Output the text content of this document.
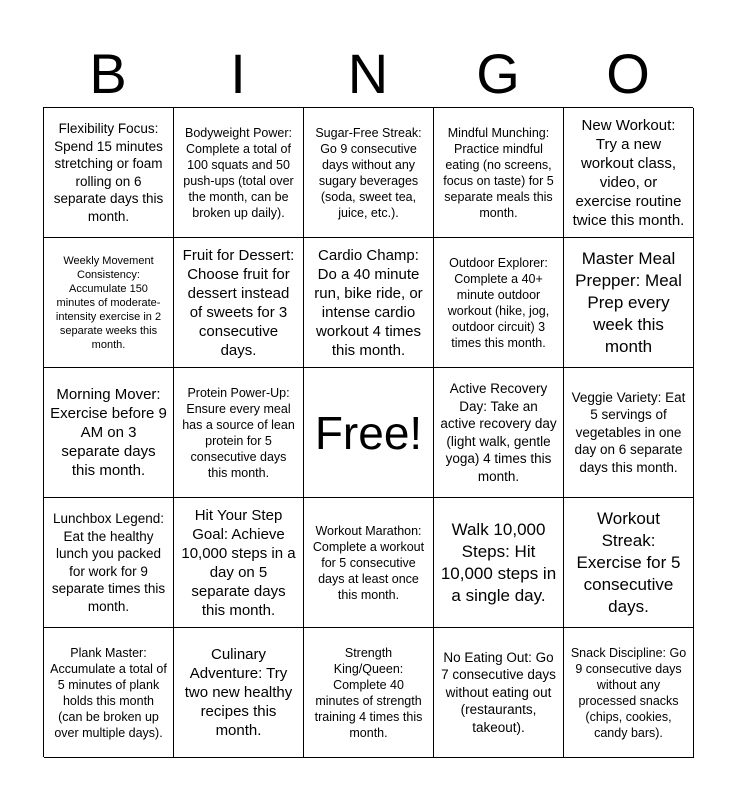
B	I	N	G	O
Flexibility Focus: Spend 15 minutes stretching or foam rolling on 6 separate days this month.
Bodyweight Power: Complete a total of 100 squats and 50 push-ups (total over the month, can be broken up daily).
Sugar-Free Streak: Go 9 consecutive days without any sugary beverages (soda, sweet tea, juice, etc.).
Mindful Munching: Practice mindful eating (no screens, focus on taste) for 5 separate meals this month.
New Workout: Try a new workout class, video, or exercise routine twice this month.
Weekly Movement Consistency: Accumulate 150 minutes of moderate-intensity exercise in 2 separate weeks this month.
Fruit for Dessert: Choose fruit for dessert instead of sweets for 3 consecutive days.
Cardio Champ: Do a 40 minute run, bike ride, or intense cardio workout 4 times this month.
Outdoor Explorer: Complete a 40+ minute outdoor workout (hike, jog, outdoor circuit) 3 times this month.
Master Meal Prepper: Meal Prep every week this month
Morning Mover: Exercise before 9 AM on 3 separate days this month.
Protein Power-Up: Ensure every meal has a source of lean protein for 5 consecutive days this month.
Free!
Active Recovery Day: Take an active recovery day (light walk, gentle yoga) 4 times this month.
Veggie Variety: Eat 5 servings of vegetables in one day on 6 separate days this month.
Lunchbox Legend: Eat the healthy lunch you packed for work for 9 separate times this month.
Hit Your Step Goal: Achieve 10,000 steps in a day on 5 separate days this month.
Workout Marathon: Complete a workout for 5 consecutive days at least once this month.
Walk 10,000 Steps: Hit 10,000 steps in a single day.
Workout Streak: Exercise for 5 consecutive days.
Plank Master: Accumulate a total of 5 minutes of plank holds this month (can be broken up over multiple days).
Culinary Adventure: Try two new healthy recipes this month.
Strength King/Queen: Complete 40 minutes of strength training 4 times this month.
No Eating Out: Go 7 consecutive days without eating out (restaurants, takeout).
Snack Discipline: Go 9 consecutive days without any processed snacks (chips, cookies, candy bars).
